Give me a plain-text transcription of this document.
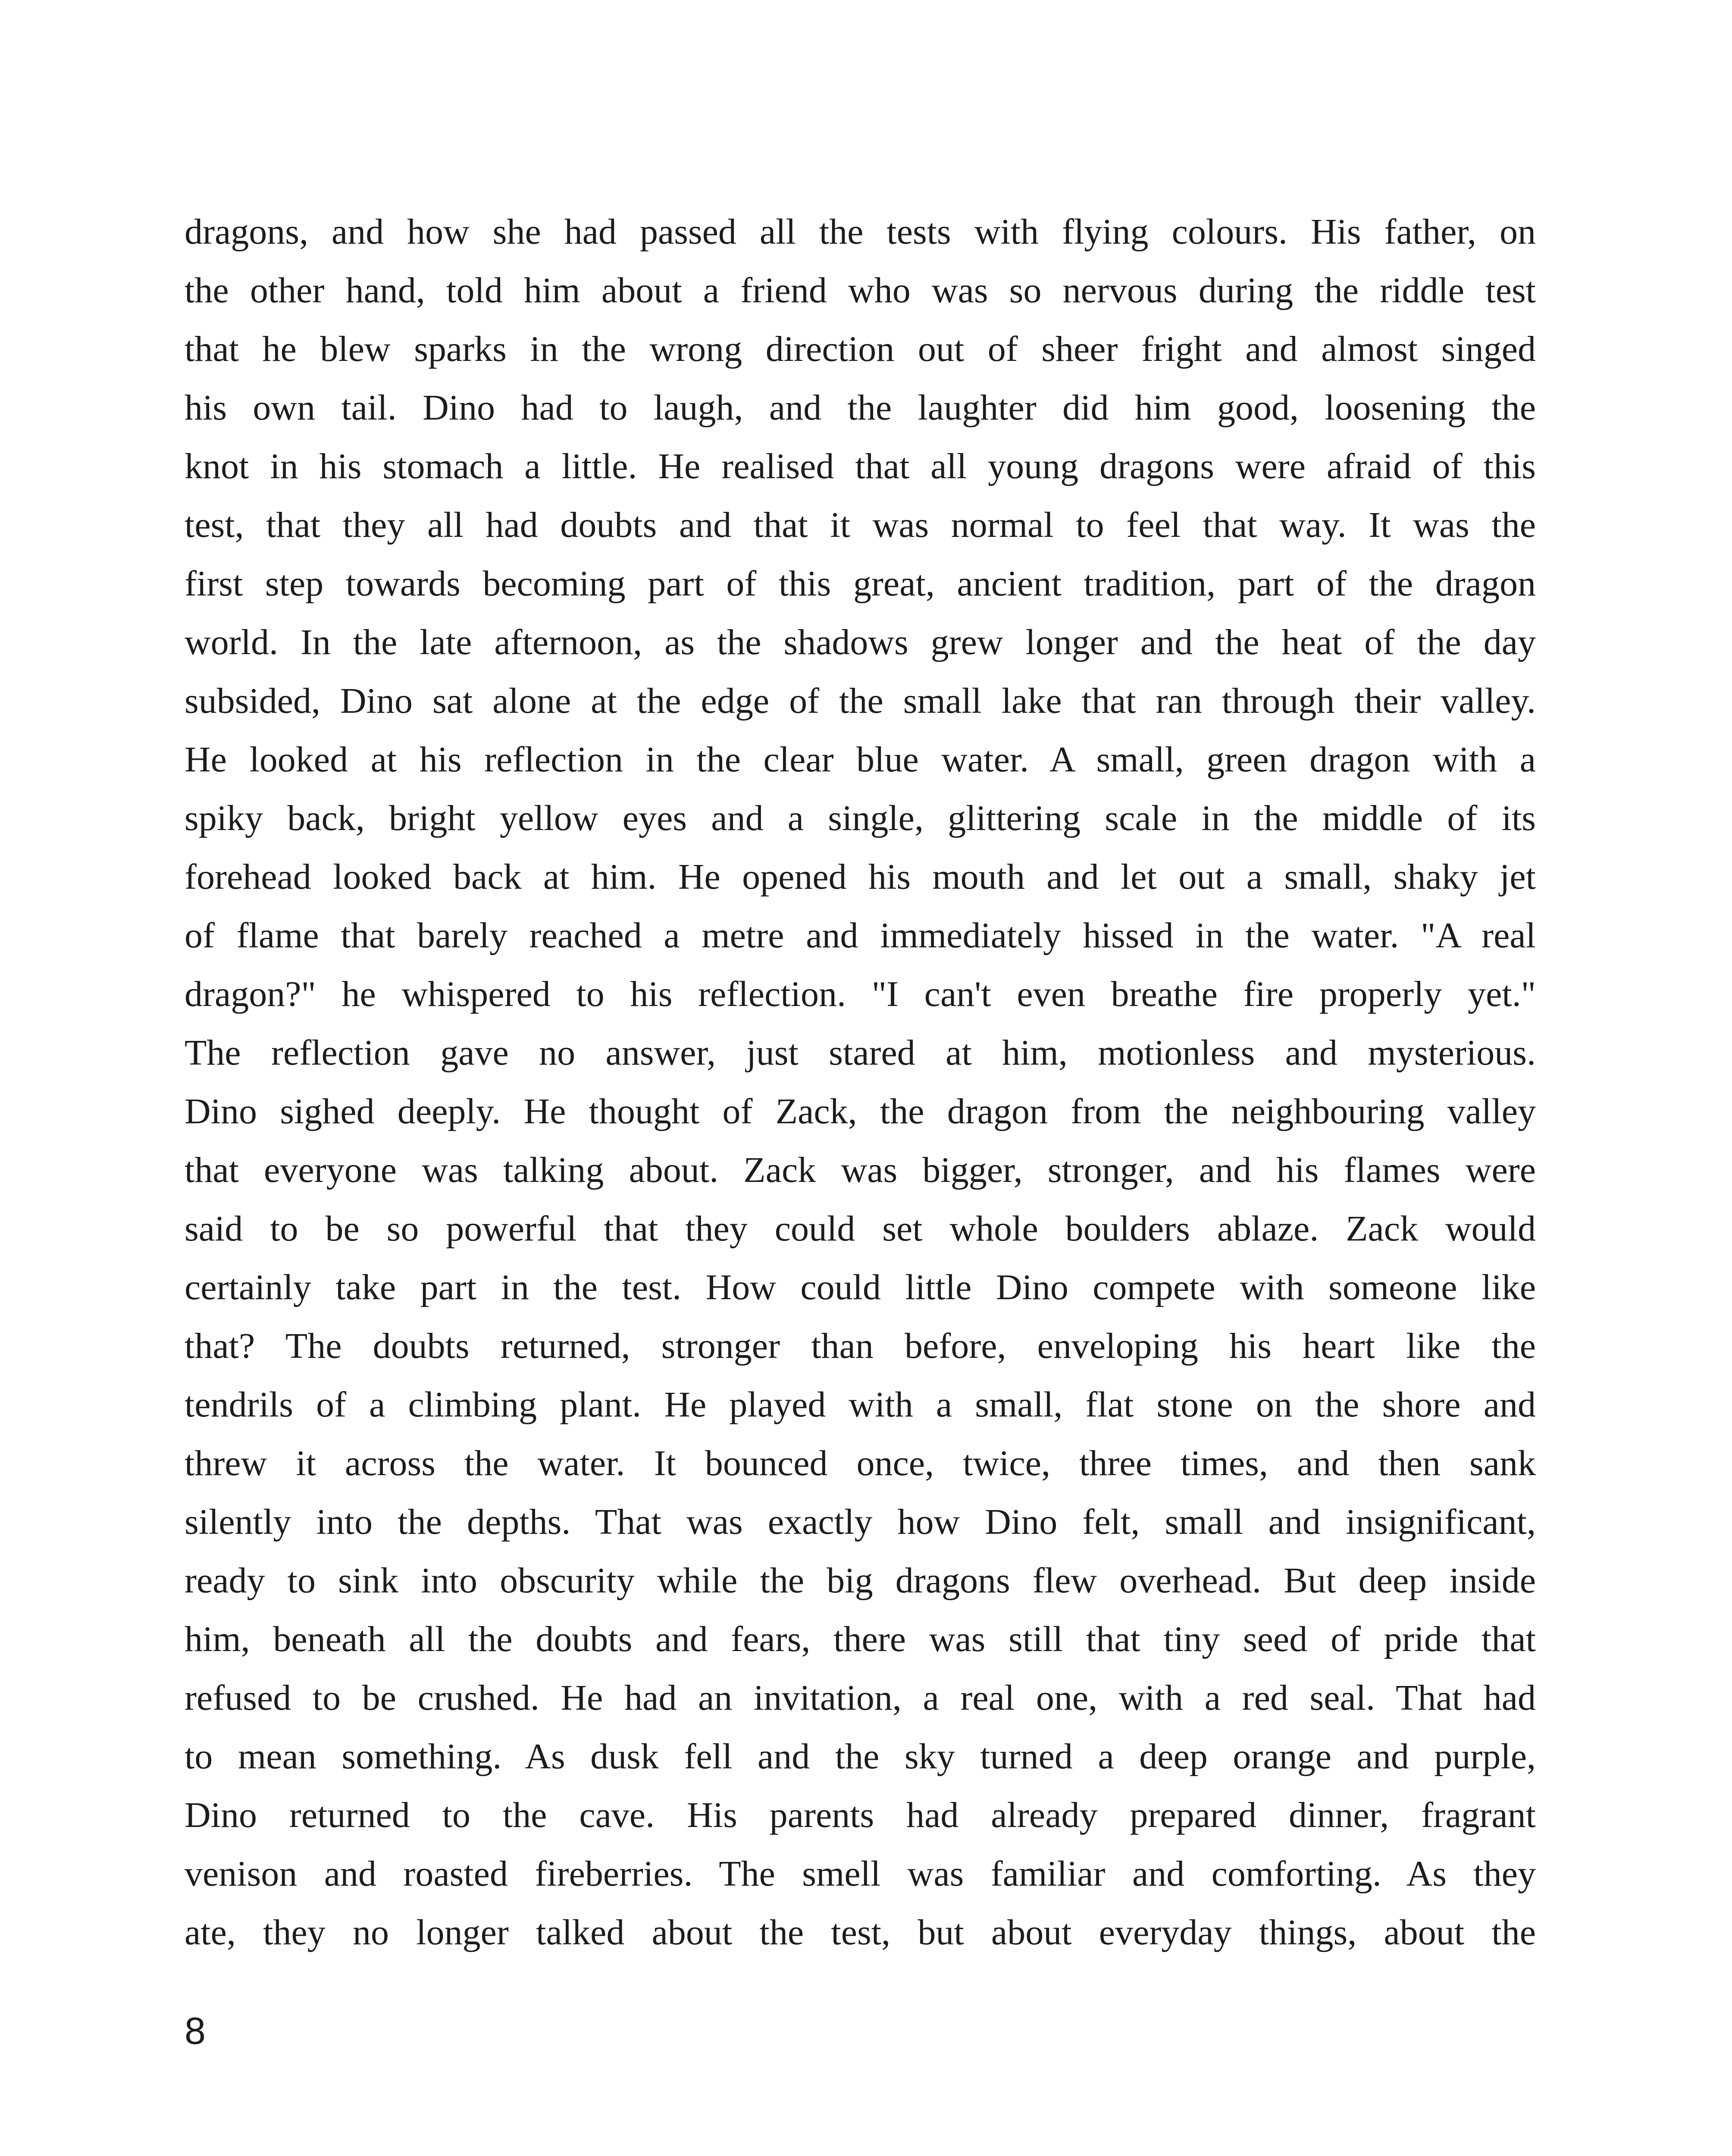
dragons, and how she had passed all the tests with flying colours. His father, on
the other hand, told him about a friend who was so nervous during the riddle test
that he blew sparks in the wrong direction out of sheer fright and almost singed
his own tail. Dino had to laugh, and the laughter did him good, loosening the
knot in his stomach a little. He realised that all young dragons were afraid of this
test, that they all had doubts and that it was normal to feel that way. It was the
first step towards becoming part of this great, ancient tradition, part of the dragon
world. In the late afternoon, as the shadows grew longer and the heat of the day
subsided, Dino sat alone at the edge of the small lake that ran through their valley.
He looked at his reflection in the clear blue water. A small, green dragon with a
spiky back, bright yellow eyes and a single, glittering scale in the middle of its
forehead looked back at him. He opened his mouth and let out a small, shaky jet
of flame that barely reached a metre and immediately hissed in the water. "A real
dragon?" he whispered to his reflection. "I can't even breathe fire properly yet."
The reflection gave no answer, just stared at him, motionless and mysterious.
Dino sighed deeply. He thought of Zack, the dragon from the neighbouring valley
that everyone was talking about. Zack was bigger, stronger, and his flames were
said to be so powerful that they could set whole boulders ablaze. Zack would
certainly take part in the test. How could little Dino compete with someone like
that? The doubts returned, stronger than before, enveloping his heart like the
tendrils of a climbing plant. He played with a small, flat stone on the shore and
threw it across the water. It bounced once, twice, three times, and then sank
silently into the depths. That was exactly how Dino felt, small and insignificant,
ready to sink into obscurity while the big dragons flew overhead. But deep inside
him, beneath all the doubts and fears, there was still that tiny seed of pride that
refused to be crushed. He had an invitation, a real one, with a red seal. That had
to mean something. As dusk fell and the sky turned a deep orange and purple,
Dino returned to the cave. His parents had already prepared dinner, fragrant
venison and roasted fireberries. The smell was familiar and comforting. As they
ate, they no longer talked about the test, but about everyday things, about the
8
